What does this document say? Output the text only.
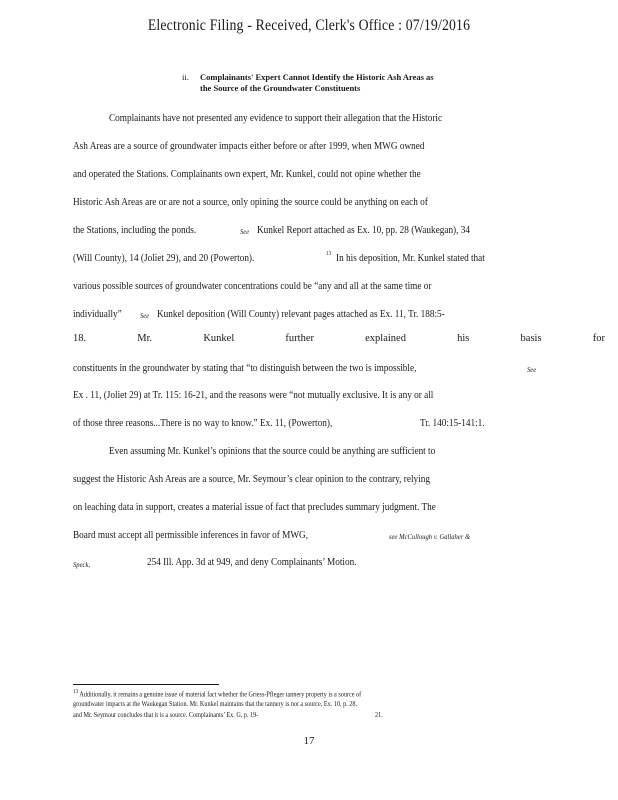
Electronic Filing - Received, Clerk's Office : 07/19/2016
ii. Complainants' Expert Cannot Identify the Historic Ash Areas as
the Source of the Groundwater Constituents
Complainants have not presented any evidence to support their allegation that the Historic
Ash Areas are a source of groundwater impacts either before or after 1999, when MWG owned
and operated the Stations. Complainants own expert, Mr. Kunkel, could not opine whether the
Historic Ash Areas are or are not a source, only opining the source could be anything on each of
the Stations, including the ponds.	See Kunkel Report attached as Ex. 10, pp. 28 (Waukegan), 34
(Will County), 14 (Joliet 29), and 20 (Powerton).	13 In his deposition, Mr. Kunkel stated that
various possible sources of groundwater concentrations could be “any and all at the same time or
individually” See Kunkel deposition (Will County) relevant pages attached as Ex. 11, Tr. 188:5-
18.	Mr.	Kunkel	further	explained	his	basis	for
constituents in the groundwater by stating that “to distinguish between the two is impossible,	See
Ex . 11, (Joliet 29) at Tr. 115: 16-21, and the reasons were “not mutually exclusive. It is any or all
of those three reasons...There is no way to know.” Ex. 11, (Powerton),	Tr. 140:15-141:1.
Even assuming Mr. Kunkel’s opinions that the source could be anything are sufficient to
suggest the Historic Ash Areas are a source, Mr. Seymour’s clear opinion to the contrary, relying
on leaching data in support, creates a material issue of fact that precludes summary judgment. The
Board must accept all permissible inferences in favor of MWG,	see McCullough v. Gallaher &
Speck,	254 Ill. App. 3d at 949, and deny Complainants’ Motion.
$^{13}$ Additionally, it remains a genuine issue of material fact whether the Griess-Pfleger tannery property is a source of
groundwater impacts at the Waukegan Station. Mr. Kunkel maintains that the tannery is not a source, Ex. 10, p. 28,
and Mr. Seymour concludes that it is a source. Complainants’ Ex. G, p. 19-	21.
17
